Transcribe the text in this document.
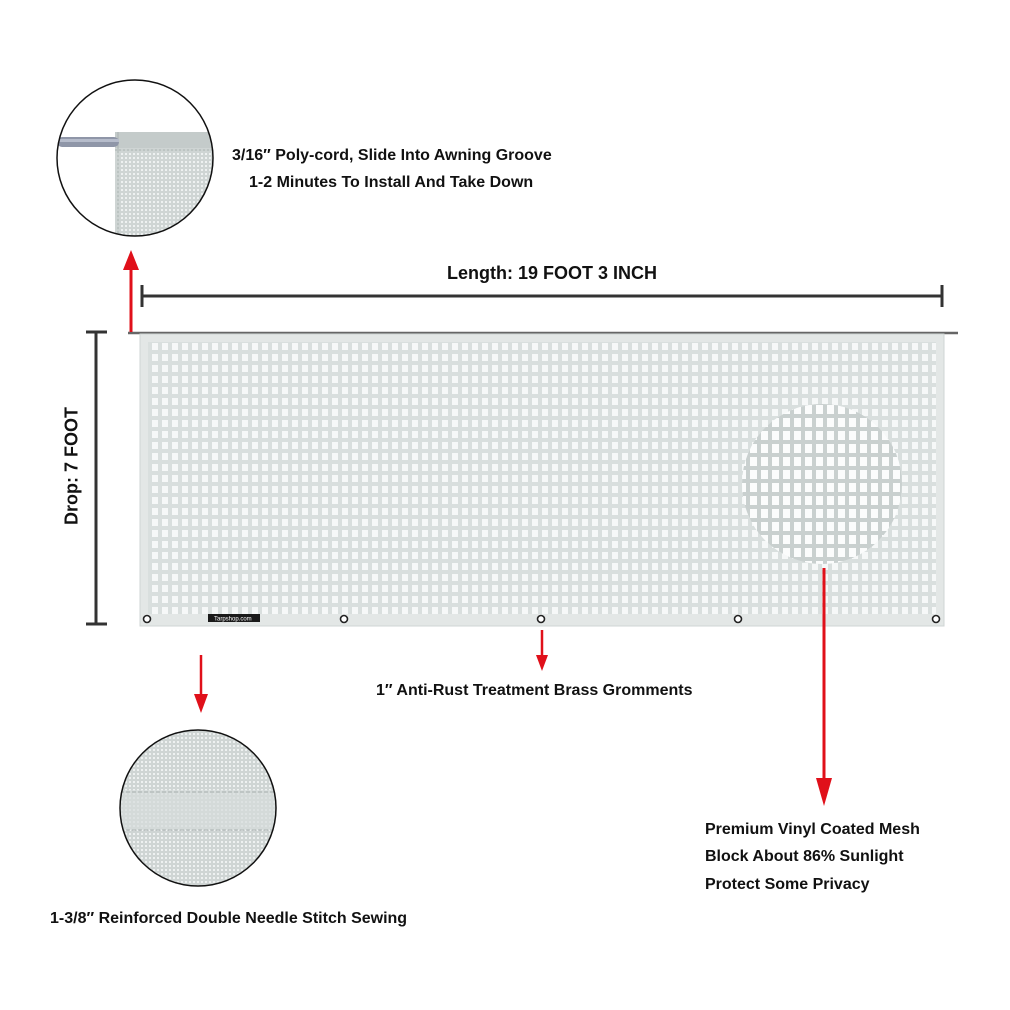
Tarpshop.com
3/16″ Poly-cord, Slide Into Awning Groove
1-2 Minutes To Install And Take Down
Length: 19 FOOT 3 INCH
Drop: 7 FOOT
1″ Anti-Rust Treatment Brass Gromments
1-3/8″ Reinforced Double Needle Stitch Sewing
Premium Vinyl Coated Mesh
Block About 86% Sunlight
Protect Some Privacy
